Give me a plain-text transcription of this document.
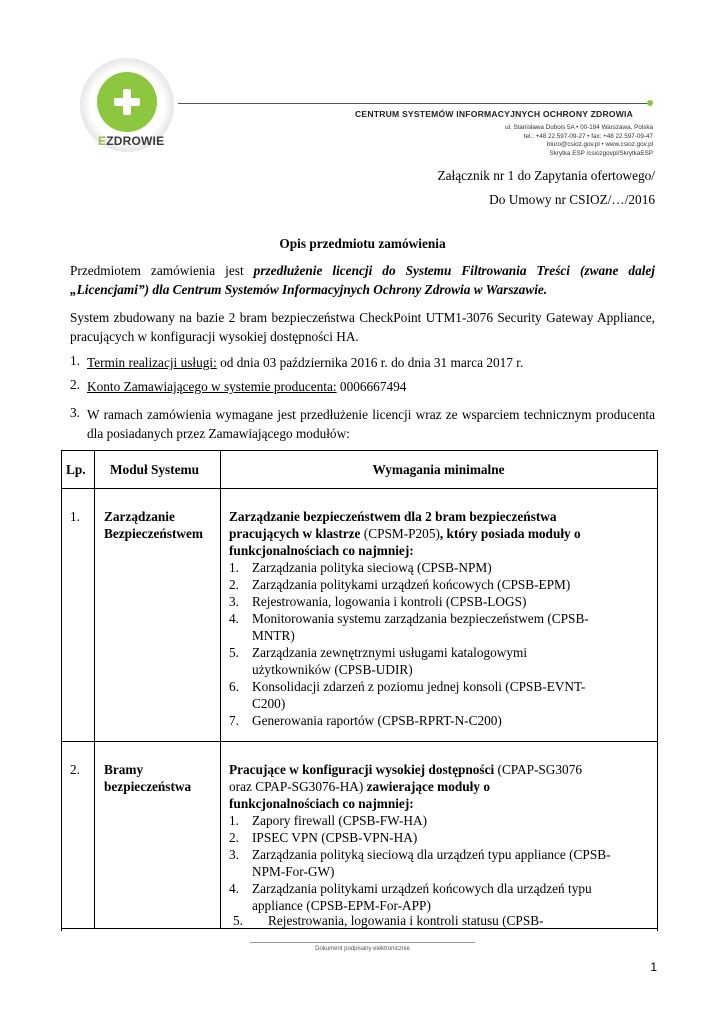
EZDROWIE
CENTRUM SYSTEMÓW INFORMACYJNYCH OCHRONY ZDROWIA
ul. Stanisława Dubois 5A • 00-184 Warszawa, Polska
tel.: +48 22 597-09-27 • fax: +48 22 597-09-47
biuro@csioz.gov.pl • www.csioz.gov.pl
Skrytka ESP /csiozgovpl/SkrytkaESP
Załącznik nr 1 do Zapytania ofertowego/
Do Umowy nr CSIOZ/…/2016
Opis przedmiotu zamówienia
Przedmiotem zamówienia jest przedłużenie licencji do Systemu Filtrowania Treści (zwane dalej „Licencjami”) dla Centrum Systemów Informacyjnych Ochrony Zdrowia w Warszawie.
System zbudowany na bazie 2 bram bezpieczeństwa CheckPoint UTM1-3076 Security Gateway Appliance, pracujących w konfiguracji wysokiej dostępności HA.
1. Termin realizacji usługi: od dnia 03 października 2016 r. do dnia 31 marca 2017 r.
2. Konto Zamawiającego w systemie producenta: 0006667494
3. W ramach zamówienia wymagane jest przedłużenie licencji wraz ze wsparciem technicznym producenta dla posiadanych przez Zamawiającego modułów:
Lp. Moduł Systemu	Wymagania minimalne
1. Zarządzanie Bezpieczeństwem
Zarządzanie bezpieczeństwem dla 2 bram bezpieczeństwa pracujących w klastrze (CPSM-P205), który posiada moduły o funkcjonalnościach co najmniej:
1. Zarządzania polityka sieciową (CPSB-NPM)
2. Zarządzania politykami urządzeń końcowych (CPSB-EPM)
3. Rejestrowania, logowania i kontroli (CPSB-LOGS)
4. Monitorowania systemu zarządzania bezpieczeństwem (CPSB-MNTR)
5. Zarządzania zewnętrznymi usługami katalogowymi użytkowników (CPSB-UDIR)
6. Konsolidacji zdarzeń z poziomu jednej konsoli (CPSB-EVNT-C200)
7. Generowania raportów (CPSB-RPRT-N-C200)
2. Bramy bezpieczeństwa
Pracujące w konfiguracji wysokiej dostępności (CPAP-SG3076 oraz CPAP-SG3076-HA) zawierające moduły o funkcjonalnościach co najmniej:
1. Zapory firewall (CPSB-FW-HA)
2. IPSEC VPN (CPSB-VPN-HA)
3. Zarządzania polityką sieciową dla urządzeń typu appliance (CPSB-NPM-For-GW)
4. Zarządzania politykami urządzeń końcowych dla urządzeń typu appliance (CPSB-EPM-For-APP)
5. Rejestrowania, logowania i kontroli statusu (CPSB-
Dokument podpisany elektronicznie
1
